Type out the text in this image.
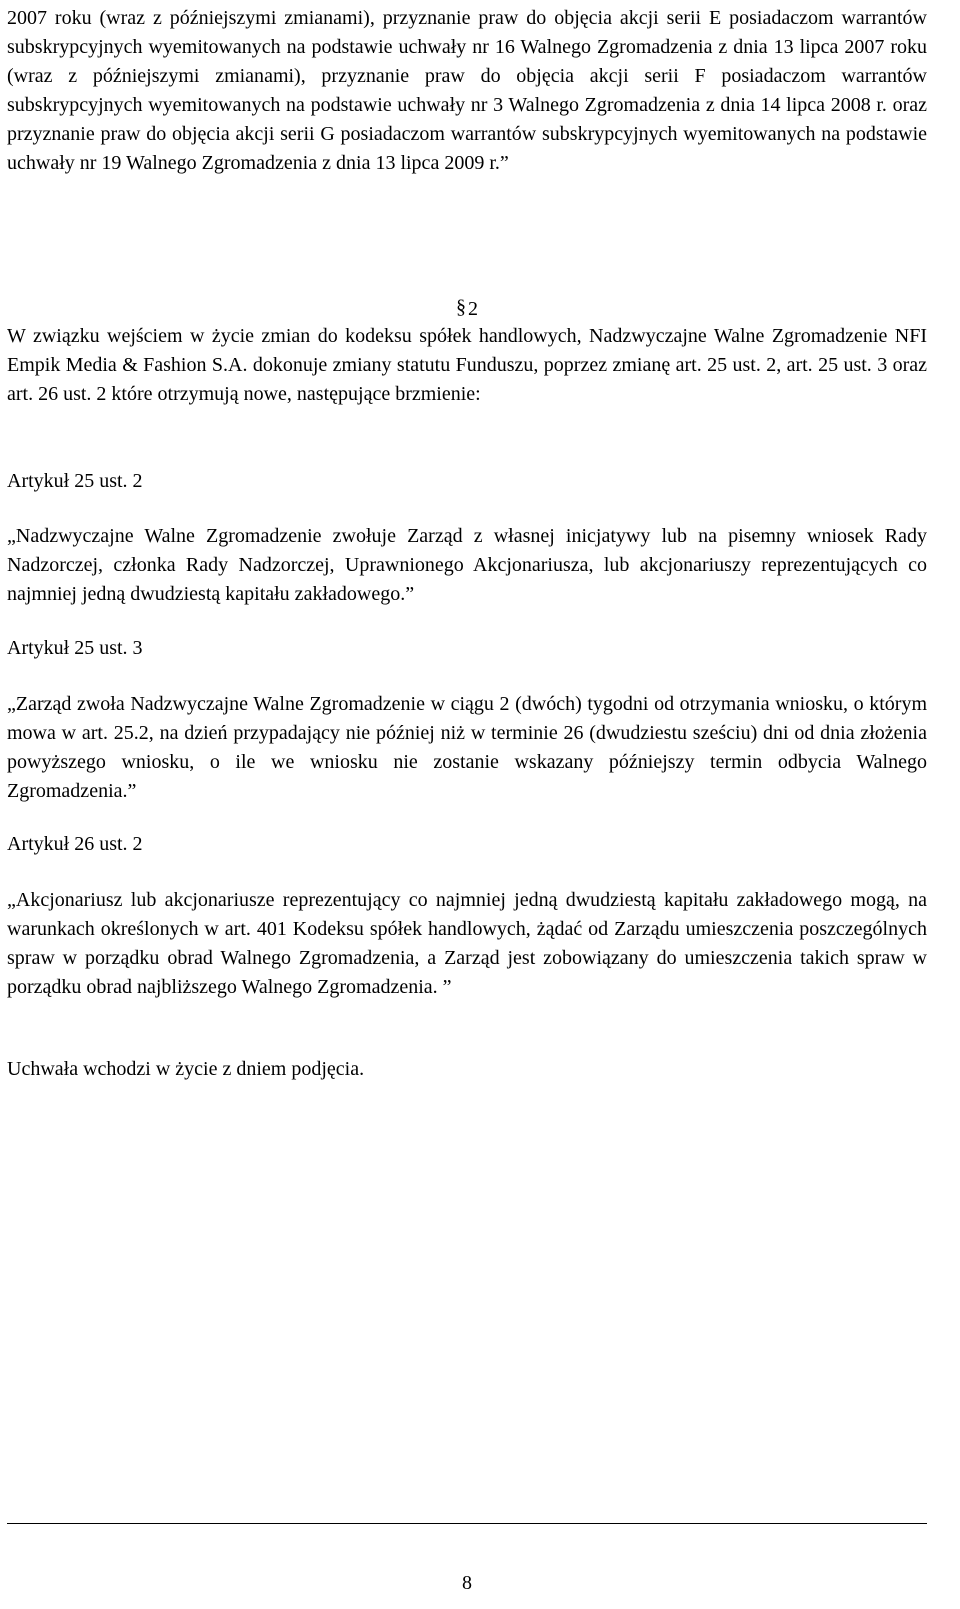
2007 roku (wraz z późniejszymi zmianami), przyznanie praw do objęcia akcji serii E posiadaczom warrantów subskrypcyjnych wyemitowanych na podstawie uchwały nr 16 Walnego Zgromadzenia z dnia 13 lipca 2007 roku (wraz z późniejszymi zmianami), przyznanie praw do objęcia akcji serii F posiadaczom warrantów subskrypcyjnych wyemitowanych na podstawie uchwały nr 3 Walnego Zgromadzenia z dnia 14 lipca 2008 r. oraz przyznanie praw do objęcia akcji serii G posiadaczom warrantów subskrypcyjnych wyemitowanych na podstawie uchwały nr 19 Walnego Zgromadzenia z dnia 13 lipca 2009 r.”

§ 2

W związku wejściem w życie zmian do kodeksu spółek handlowych, Nadzwyczajne Walne Zgromadzenie NFI Empik Media & Fashion S.A. dokonuje zmiany statutu Funduszu, poprzez zmianę art. 25 ust. 2, art. 25 ust. 3 oraz art. 26 ust. 2 które otrzymują nowe, następujące brzmienie:

Artykuł 25 ust. 2

„Nadzwyczajne Walne Zgromadzenie zwołuje Zarząd z własnej inicjatywy lub na pisemny wniosek Rady Nadzorczej, członka Rady Nadzorczej, Uprawnionego Akcjonariusza, lub akcjonariuszy reprezentujących co najmniej jedną dwudziestą kapitału zakładowego.”

Artykuł 25 ust. 3

„Zarząd zwoła Nadzwyczajne Walne Zgromadzenie w ciągu 2 (dwóch) tygodni od otrzymania wniosku, o którym mowa w art. 25.2, na dzień przypadający nie później niż w terminie 26 (dwudziestu sześciu) dni od dnia złożenia powyższego wniosku, o ile we wniosku nie zostanie wskazany późniejszy termin odbycia Walnego Zgromadzenia.”

Artykuł 26 ust. 2

„Akcjonariusz lub akcjonariusze reprezentujący co najmniej jedną dwudziestą kapitału zakładowego mogą, na warunkach określonych w art. 401 Kodeksu spółek handlowych, żądać od Zarządu umieszczenia poszczególnych spraw w porządku obrad Walnego Zgromadzenia, a Zarząd jest zobowiązany do umieszczenia takich spraw w porządku obrad najbliższego Walnego Zgromadzenia. ”

Uchwała wchodzi w życie z dniem podjęcia.

8
